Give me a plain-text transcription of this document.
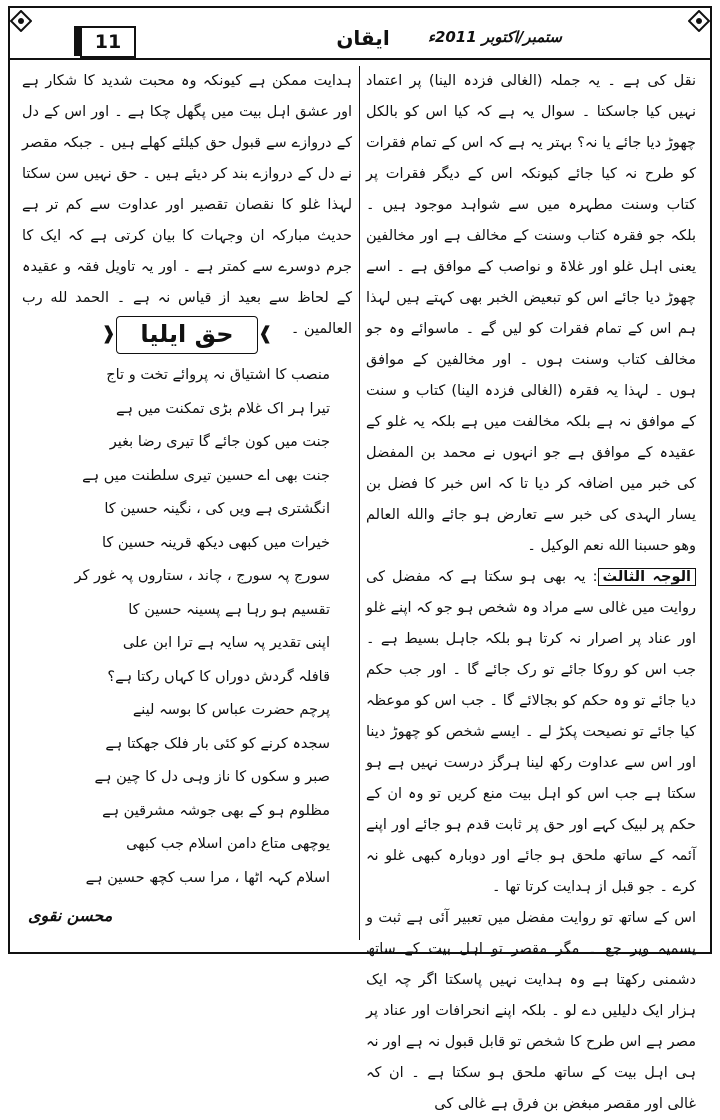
11	ایقان	ستمبر/اکتوبر 2011ء

نقل کی ہے ۔ یہ جملہ (الغالی فزدہ الینا) پر اعتماد نہیں کیا جاسکتا ۔ سوال یہ ہے کہ کیا اس کو بالکل چھوڑ دیا جائے یا نہ؟ بہتر یہ ہے کہ اس کے تمام فقرات کو طرح نہ کیا جائے کیونکہ اس کے دیگر فقرات پر کتاب وسنت مطہرہ میں سے شواہد موجود ہیں ۔ بلکہ جو فقرہ کتاب وسنت کے مخالف ہے اور مخالفین یعنی اہل غلو اور غلاۃ و نواصب کے موافق ہے ۔ اسے چھوڑ دیا جائے اس کو تبعیض الخبر بھی کہتے ہیں لہذا ہم اس کے تمام فقرات کو لیں گے ۔ ماسوائے وہ جو مخالف کتاب وسنت ہوں ۔ اور مخالفین کے موافق ہوں ۔ لہذا یہ فقرہ (الغالی فزدہ الینا) کتاب و سنت کے موافق نہ ہے بلکہ مخالفت میں ہے بلکہ یہ غلو کے عقیدہ کے موافق ہے جو انہوں نے محمد بن المفضل کی خبر میں اضافہ کر دیا تا کہ اس خبر کا فضل بن یسار الہدی کی خبر سے تعارض ہو جائے والله العالم وھو حسبنا الله نعم الوکیل ۔

الوجہ الثالث: یہ بھی ہو سکتا ہے کہ مفضل کی روایت میں غالی سے مراد وہ شخص ہو جو کہ اپنے غلو اور عناد پر اصرار نہ کرتا ہو بلکہ جاہل بسیط ہے ۔ جب اس کو روکا جائے تو رک جائے گا ۔ اور جب حکم دیا جائے تو وہ حکم کو بجالائے گا ۔ جب اس کو موعظہ کیا جائے تو نصیحت پکڑ لے ۔ ایسے شخص کو چھوڑ دینا اور اس سے عداوت رکھ لینا ہرگز درست نہیں ہے ہو سکتا ہے جب اس کو اہل بیت منع کریں تو وہ ان کے حکم پر لبیک کہے اور حق پر ثابت قدم ہو جائے اور اپنے آئمہ کے ساتھ ملحق ہو جائے اور دوبارہ کبھی غلو نہ کرے ۔ جو قبل از ہدایت کرتا تھا ۔

اس کے ساتھ تو روایت مفضل میں تعبیر آئی ہے ثبت و یسمیہ ویر جع ۔ مگر مقصر تو اہل بیت کے ساتھ دشمنی رکھتا ہے وہ ہدایت نہیں پاسکتا اگر چہ ایک ہزار ایک دلیلیں دے لو ۔ بلکہ اپنے انحرافات اور عناد پر مصر ہے اس طرح کا شخص تو قابل قبول نہ ہے اور نہ ہی اہل بیت کے ساتھ ملحق ہو سکتا ہے ۔ ان کہ غالی اور مقصر مبغض بن فرق ہے غالی کی

ہدایت ممکن ہے کیونکہ وہ محبت شدید کا شکار ہے اور عشق اہل بیت میں پگھل چکا ہے ۔ اور اس کے دل کے دروازے سے قبول حق کیلئے کھلے ہیں ۔ جبکہ مقصر نے دل کے دروازے بند کر دیئے ہیں ۔ حق نہیں سن سکتا لہذا غلو کا نقصان تقصیر اور عداوت سے کم تر ہے حدیث مبارکہ ان وجہات کا بیان کرتی ہے کہ ایک کا جرم دوسرے سے کمتر ہے ۔ اور یہ تاویل فقہ و عقیدہ کے لحاظ سے بعید از قیاس نہ ہے ۔ الحمد لله رب العالمین ۔

❱ حق ایلیا ❰
منصب کا اشتیاق نہ پروائے تخت و تاج
تیرا ہر اک غلام بڑی تمکنت میں ہے
جنت میں کون جائے گا تیری رضا بغیر
جنت بھی اے حسین تیری سلطنت میں ہے
انگشتری ہے ویں کی ، نگینہ حسین کا
خیرات میں کبھی دیکھ قرینہ حسین کا
سورج پہ سورج ، چاند ، ستاروں پہ غور کر
تقسیم ہو رہا ہے پسینہ حسین کا
اپنی تقدیر پہ سایہ ہے ترا ابن علی
قافلہ گردش دوراں کا کہاں رکتا ہے؟
پرچم حضرت عباس کا بوسہ لینے
سجدہ کرنے کو کئی بار فلک جھکتا ہے
صبر و سکوں کا ناز وہی دل کا چین ہے
مظلوم ہو کے بھی جوشہ مشرقین ہے
یوچھی متاع دامن اسلام جب کبھی
اسلام کہہ اٹھا ، مرا سب کچھ حسین ہے
محسن نقوی
